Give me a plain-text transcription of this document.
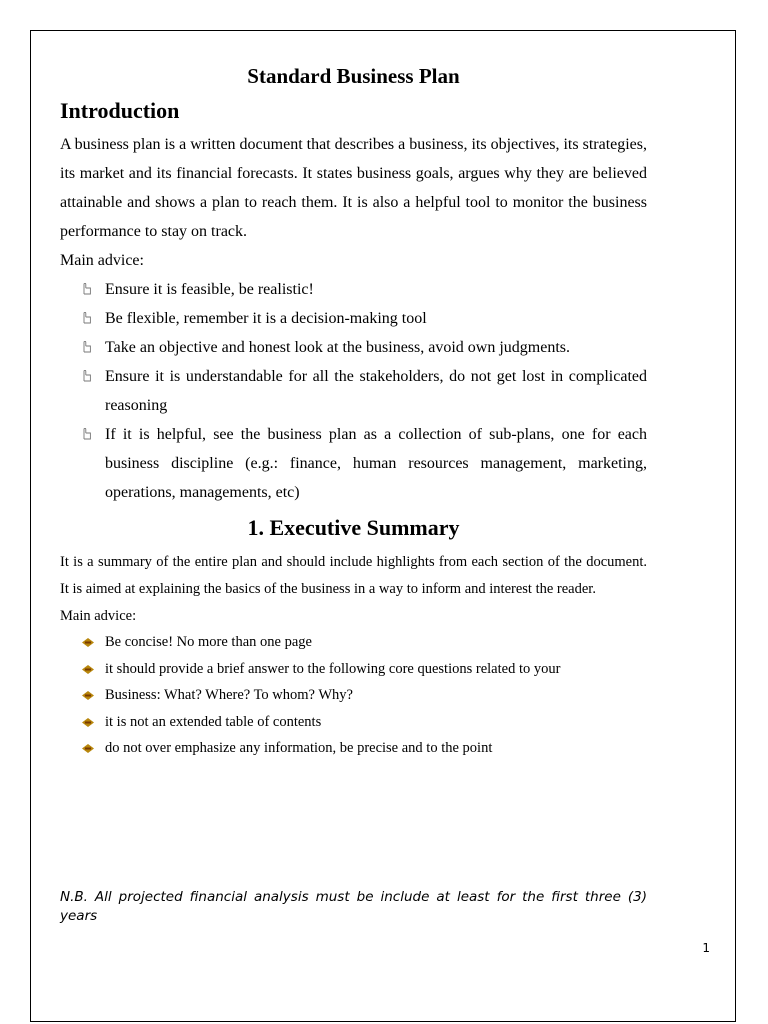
Standard Business Plan
Introduction

A business plan is a written document that describes a business, its objectives, its strategies, its market and its financial forecasts. It states business goals, argues why they are believed attainable and shows a plan to reach them. It is also a helpful tool to monitor the business performance to stay on track.

Main advice:

Ensure it is feasible, be realistic!
Be flexible, remember it is a decision-making tool
Take an objective and honest look at the business, avoid own judgments.
Ensure it is understandable for all the stakeholders, do not get lost in complicated reasoning
If it is helpful, see the business plan as a collection of sub-plans, one for each business discipline (e.g.: finance, human resources management, marketing, operations, managements, etc)
1. Executive Summary

It is a summary of the entire plan and should include highlights from each section of the document. It is aimed at explaining the basics of the business in a way to inform and interest the reader.

Main advice:

Be concise! No more than one page
it should provide a brief answer to the following core questions related to your
Business: What? Where? To whom? Why?
it is not an extended table of contents
do not over emphasize any information, be precise and to the point

N.B. All projected financial analysis must be include at least for the first three (3) years

1
